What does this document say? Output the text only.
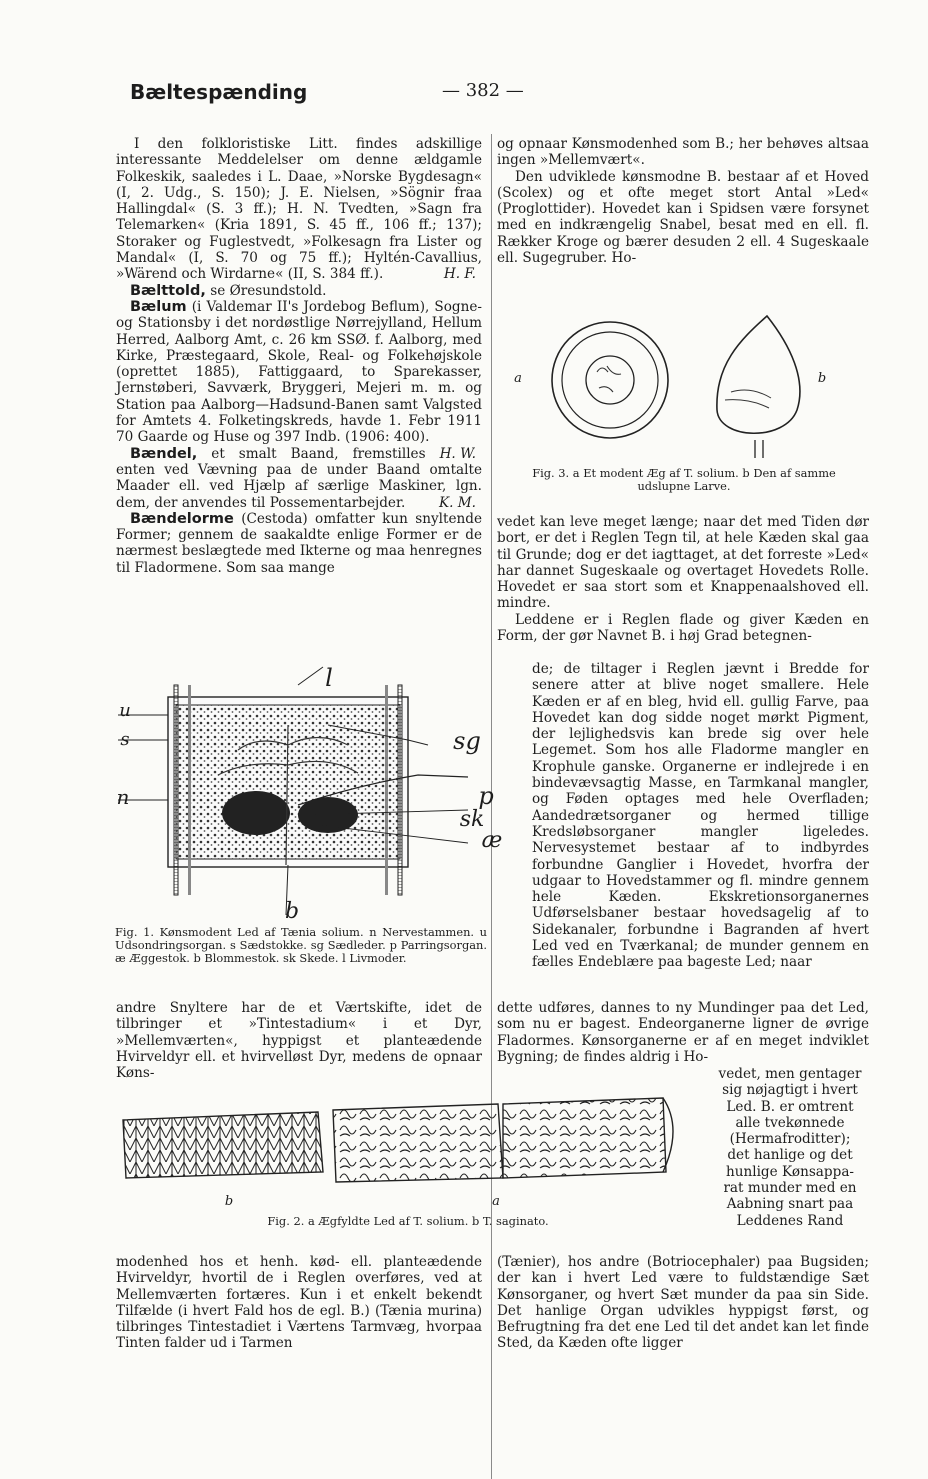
Bæltespænding	— 382 —

I den folkloristiske Litt. findes adskillige interessante Meddelelser om denne ældgamle Folkeskik, saaledes i L. Daae, »Norske Bygdesagn« (I, 2. Udg., S. 150); J. E. Nielsen, »Sögnir fraa Hallingdal« (S. 3 ff.); H. N. Tvedten, »Sagn fra Telemarken« (Kria 1891, S. 45 ff., 106 ff.; 137); Storaker og Fuglestvedt, »Folkesagn fra Lister og Mandal« (I, S. 70 og 75 ff.); Hyltén-Cavallius, »Wärend och Wirdarne« (II, S. 384 ff.).	H. F.

Bælttold, se Øresundstold.

Bælum (i Valdemar II's Jordebog Beflum), Sogne- og Stationsby i det nordøstlige Nørrejylland, Hellum Herred, Aalborg Amt, c. 26 km SSØ. f. Aalborg, med Kirke, Præstegaard, Skole, Real- og Folkehøjskole (oprettet 1885), Fattiggaard, to Sparekasser, Jernstøberi, Savværk, Bryggeri, Mejeri m. m. og Station paa Aalborg—Hadsund-Banen samt Valgsted for Amtets 4. Folketingskreds, havde 1. Febr 1911 70 Gaarde og Huse og 397 Indb. (1906: 400).
H. W.

Bændel, et smalt Baand, fremstilles enten ved Vævning paa de under Baand omtalte Maader ell. ved Hjælp af særlige Maskiner, lgn. dem, der anvendes til Possementarbejder.	K. M.

Bændelorme (Cestoda) omfatter kun snyltende Former; gennem de saakaldte enlige Former er de nærmest beslægtede med Ikterne og maa henregnes til Fladormene. Som saa mange

og opnaar Kønsmodenhed som B.; her behøves altsaa ingen »Mellemvært«.

Den udviklede kønsmodne B. bestaar af et Hoved (Scolex) og et ofte meget stort Antal »Led« (Proglottider). Hovedet kan i Spidsen være forsynet med en indkrængelig Snabel, besat med en ell. fl. Rækker Kroge og bærer desuden 2 ell. 4 Sugeskaale ell. Sugegruber. Ho-

a	b
Fig. 3. a Et modent Æg af T. solium. b Den af samme udslupne Larve.

vedet kan leve meget længe; naar det med Tiden dør bort, er det i Reglen Tegn til, at hele Kæden skal gaa til Grunde; dog er det iagttaget, at det forreste »Led« har dannet Sugeskaale og overtaget Hovedets Rolle. Hovedet er saa stort som et Knappenaalshoved ell. mindre.

Leddene er i Reglen flade og giver Kæden en Form, der gør Navnet B. i høj Grad betegnen-

de; de tiltager i Reglen jævnt i Bredde for senere atter at blive noget smallere. Hele Kæden er af en bleg, hvid ell. gullig Farve, paa Hovedet kan dog sidde noget mørkt Pigment, der lejlighedsvis kan brede sig over hele Legemet. Som hos alle Fladorme mangler en Krophule ganske. Organerne er indlejrede i en bindevævsagtig Masse, en Tarmkanal mangler, og Føden optages med hele Overfladen; Aandedrætsorganer og hermed tillige Kredsløbsorganer mangler ligeledes. Nervesystemet bestaar af to indbyrdes forbundne Ganglier i Hovedet, hvorfra der udgaar to Hovedstammer og fl. mindre gennem hele Kæden. Ekskretionsorganernes Udførselsbaner bestaar hovedsagelig af to Sidekanaler, forbundne i Bagranden af hvert Led ved en Tværkanal; de munder gennem en fælles Endeblære paa bageste Led; naar

l
u
s
n
sg
p
sk
æ
b
Fig. 1. Kønsmodent Led af Tænia solium. n Nervestammen. u Udsondringsorgan. s Sædstokke. sg Sædleder. p Parringsorgan. æ Æggestok. b Blommestok. sk Skede. l Livmoder.

andre Snyltere har de et Værtskifte, idet de tilbringer et »Tintestadium« i et Dyr, »Mellemværten«, hyppigst et planteædende Hvirveldyr ell. et hvirvelløst Dyr, medens de opnaar Køns-

dette udføres, dannes to ny Mundinger paa det Led, som nu er bagest. Endeorganerne ligner de øvrige Fladormes. Kønsorganerne er af en meget indviklet Bygning; de findes aldrig i Ho-

vedet, men gentager
sig nøjagtigt i hvert
Led. B. er omtrent
alle tvekønnede
(Hermafroditter);
det hanlige og det
hunlige Kønsappa-
rat munder med en
Aabning snart paa
Leddenes Rand
b	a
Fig. 2. a Ægfyldte Led af T. solium. b T. saginato.

modenhed hos et henh. kød- ell. planteædende Hvirveldyr, hvortil de i Reglen overføres, ved at Mellemværten fortæres. Kun i et enkelt bekendt Tilfælde (i hvert Fald hos de egl. B.) (Tænia murina) tilbringes Tintestadiet i Værtens Tarmvæg, hvorpaa Tinten falder ud i Tarmen

(Tænier), hos andre (Botriocephaler) paa Bugsiden; der kan i hvert Led være to fuldstændige Sæt Kønsorganer, og hvert Sæt munder da paa sin Side. Det hanlige Organ udvikles hyppigst først, og Befrugtning fra det ene Led til det andet kan let finde Sted, da Kæden ofte ligger
